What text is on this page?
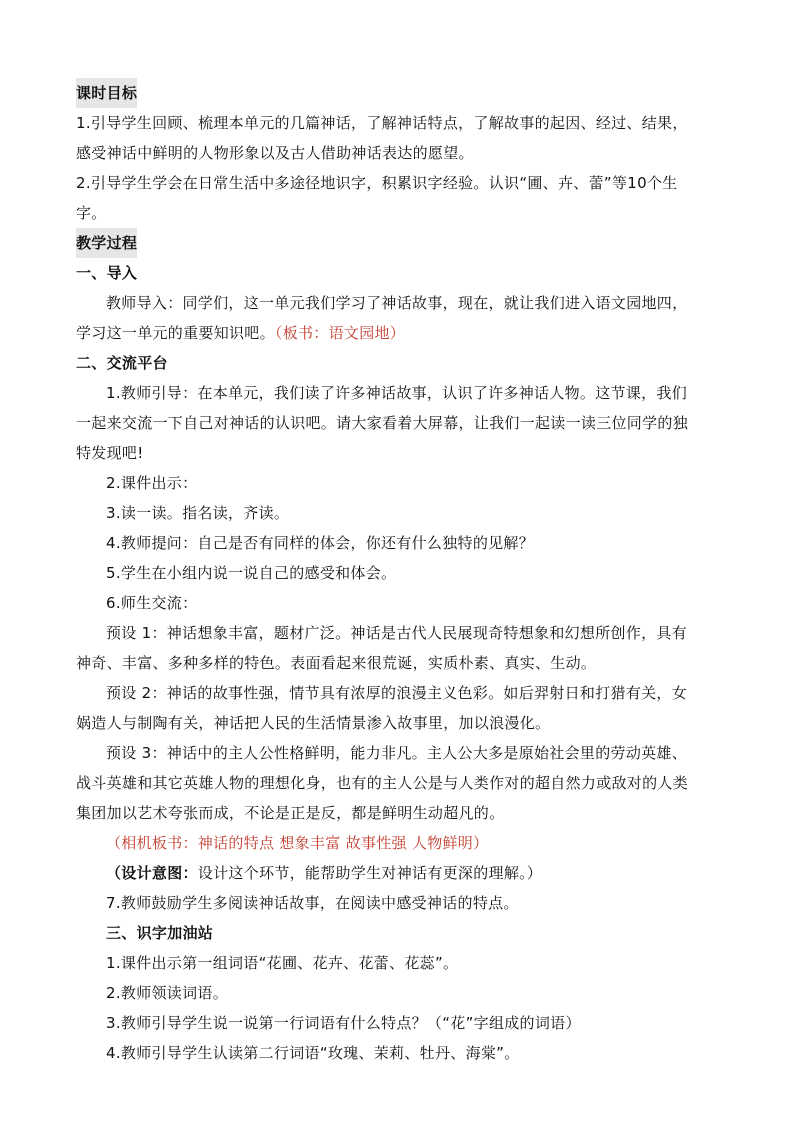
课时目标
1.引导学生回顾、梳理本单元的几篇神话，了解神话特点，了解故事的起因、经过、结果，
感受神话中鲜明的人物形象以及古人借助神话表达的愿望。
2.引导学生学会在日常生活中多途径地识字，积累识字经验。认识“圃、卉、蕾”等10个生
字。
教学过程
一、导入
教师导入：同学们，这一单元我们学习了神话故事，现在，就让我们进入语文园地四，
学习这一单元的重要知识吧。（板书：语文园地）
二、交流平台
1.教师引导：在本单元，我们读了许多神话故事，认识了许多神话人物。这节课，我们
一起来交流一下自己对神话的认识吧。请大家看着大屏幕，让我们一起读一读三位同学的独
特发现吧!
2.课件出示：
3.读一读。指名读，齐读。
4.教师提问：自己是否有同样的体会，你还有什么独特的见解？
5.学生在小组内说一说自己的感受和体会。
6.师生交流：
预设 1：神话想象丰富，题材广泛。神话是古代人民展现奇特想象和幻想所创作，具有
神奇、丰富、多种多样的特色。表面看起来很荒诞，实质朴素、真实、生动。
预设 2：神话的故事性强，情节具有浓厚的浪漫主义色彩。如后羿射日和打猎有关，女
娲造人与制陶有关，神话把人民的生活情景渗入故事里，加以浪漫化。
预设 3：神话中的主人公性格鲜明，能力非凡。主人公大多是原始社会里的劳动英雄、
战斗英雄和其它英雄人物的理想化身，也有的主人公是与人类作对的超自然力或敌对的人类
集团加以艺术夸张而成，不论是正是反，都是鲜明生动超凡的。
（相机板书：神话的特点 想象丰富 故事性强 人物鲜明）
（设计意图：设计这个环节，能帮助学生对神话有更深的理解。）
7.教师鼓励学生多阅读神话故事，在阅读中感受神话的特点。
三、识字加油站
1.课件出示第一组词语“花圃、花卉、花蕾、花蕊”。
2.教师领读词语。
3.教师引导学生说一说第一行词语有什么特点？（“花”字组成的词语）
4.教师引导学生认读第二行词语“玫瑰、茉莉、牡丹、海棠”。
